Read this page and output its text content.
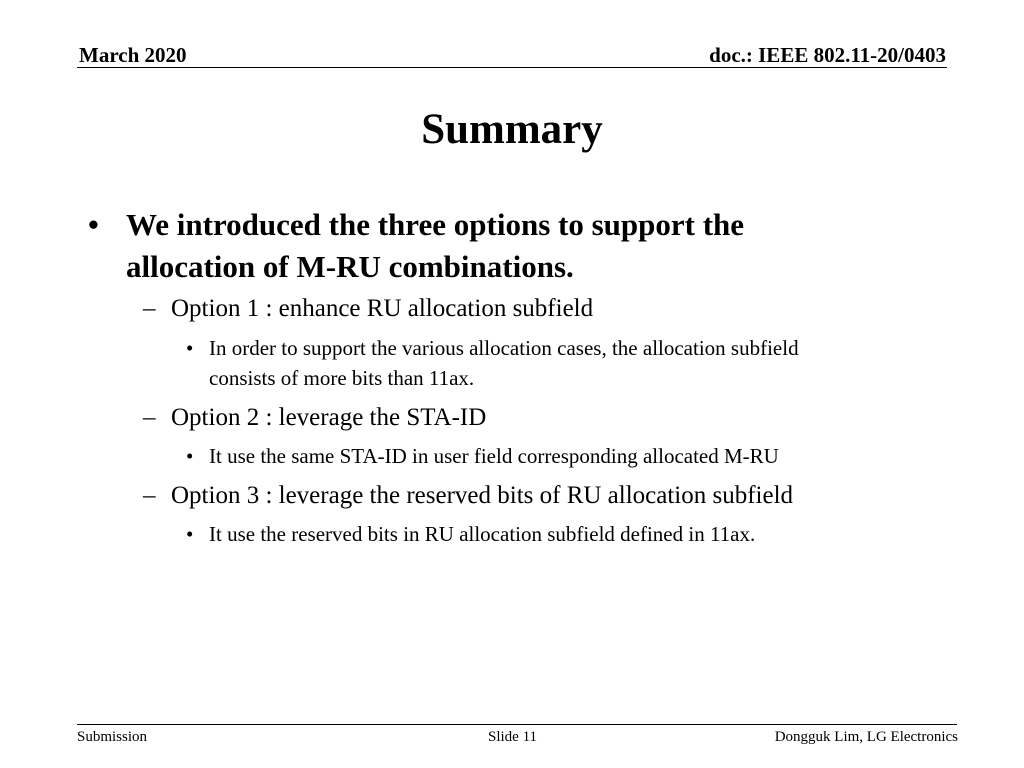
March 2020	doc.: IEEE 802.11-20/0403
Summary
• We introduced the three options to support the
allocation of M-RU combinations.
– Option 1 : enhance RU allocation subfield
• In order to support the various allocation cases, the allocation subfield
consists of more bits than 11ax.
– Option 2 : leverage the STA-ID
• It use the same STA-ID in user field corresponding allocated M-RU
– Option 3 : leverage the reserved bits of RU allocation subfield
• It use the reserved bits in RU allocation subfield defined in 11ax.
Submission	Slide 11	Dongguk Lim, LG Electronics
